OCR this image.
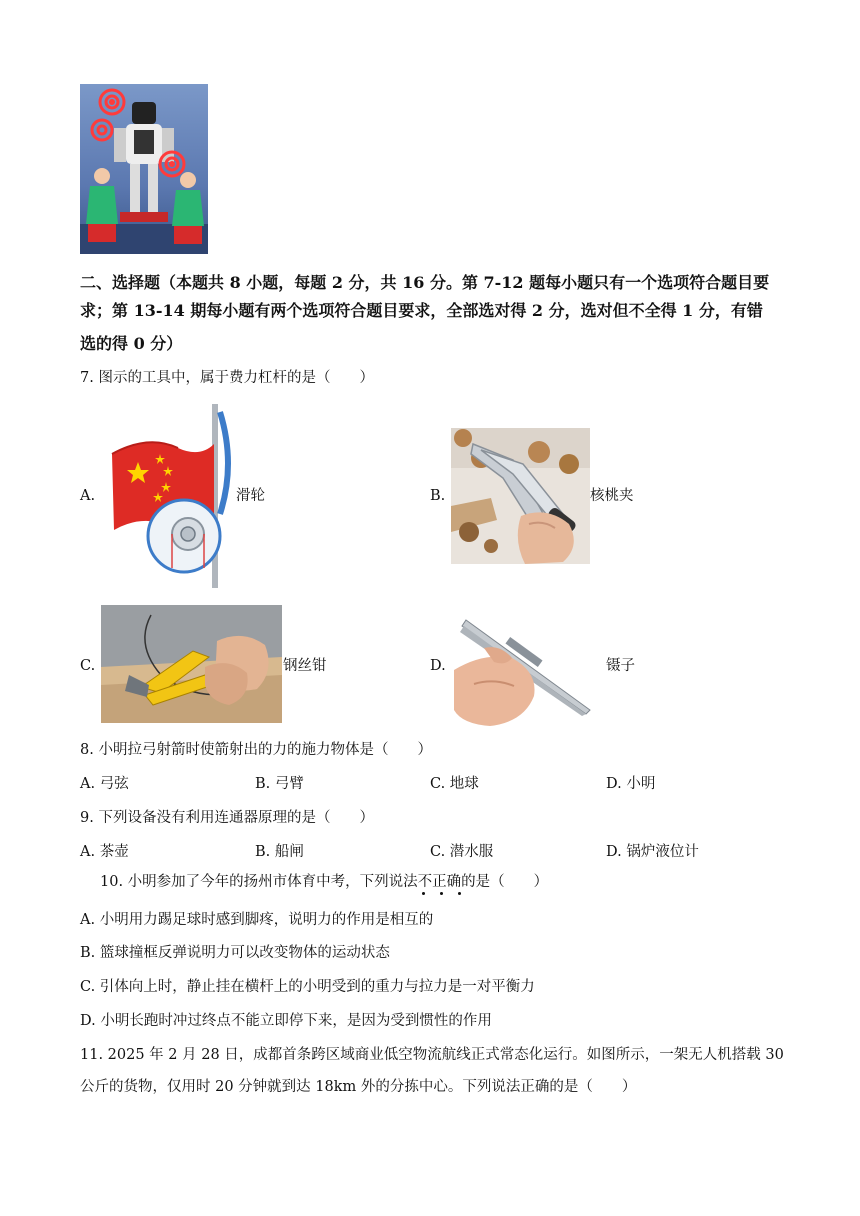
二、选择题（本题共 8 小题，每题 2 分，共 16 分。第 7-12 题每小题只有一个选项符合题目要
求；第 13-14 期每小题有两个选项符合题目要求，全部选对得 2 分，选对但不全得 1 分，有错
选的得 0 分）
7. 图示的工具中，属于费力杠杆的是（　　）
A.	滑轮	B.	核桃夹
C.	钢丝钳	D.	镊子
8. 小明拉弓射箭时使箭射出的力的施力物体是（　　）
A. 弓弦	B. 弓臂	C. 地球	D. 小明
9. 下列设备没有利用连通器原理的是（　　）
A. 茶壶	B. 船闸	C. 潜水服	D. 锅炉液位计
10. 小明参加了今年的扬州市体育中考，下列说法不正确的是（　　）
A. 小明用力踢足球时感到脚疼，说明力的作用是相互的
B. 篮球撞框反弹说明力可以改变物体的运动状态
C. 引体向上时，静止挂在横杆上的小明受到的重力与拉力是一对平衡力
D. 小明长跑时冲过终点不能立即停下来，是因为受到惯性的作用
11. 2025 年 2 月 28 日，成都首条跨区域商业低空物流航线正式常态化运行。如图所示，一架无人机搭载 30
公斤的货物，仅用时 20 分钟就到达 18km 外的分拣中心。下列说法正确的是（　　）
